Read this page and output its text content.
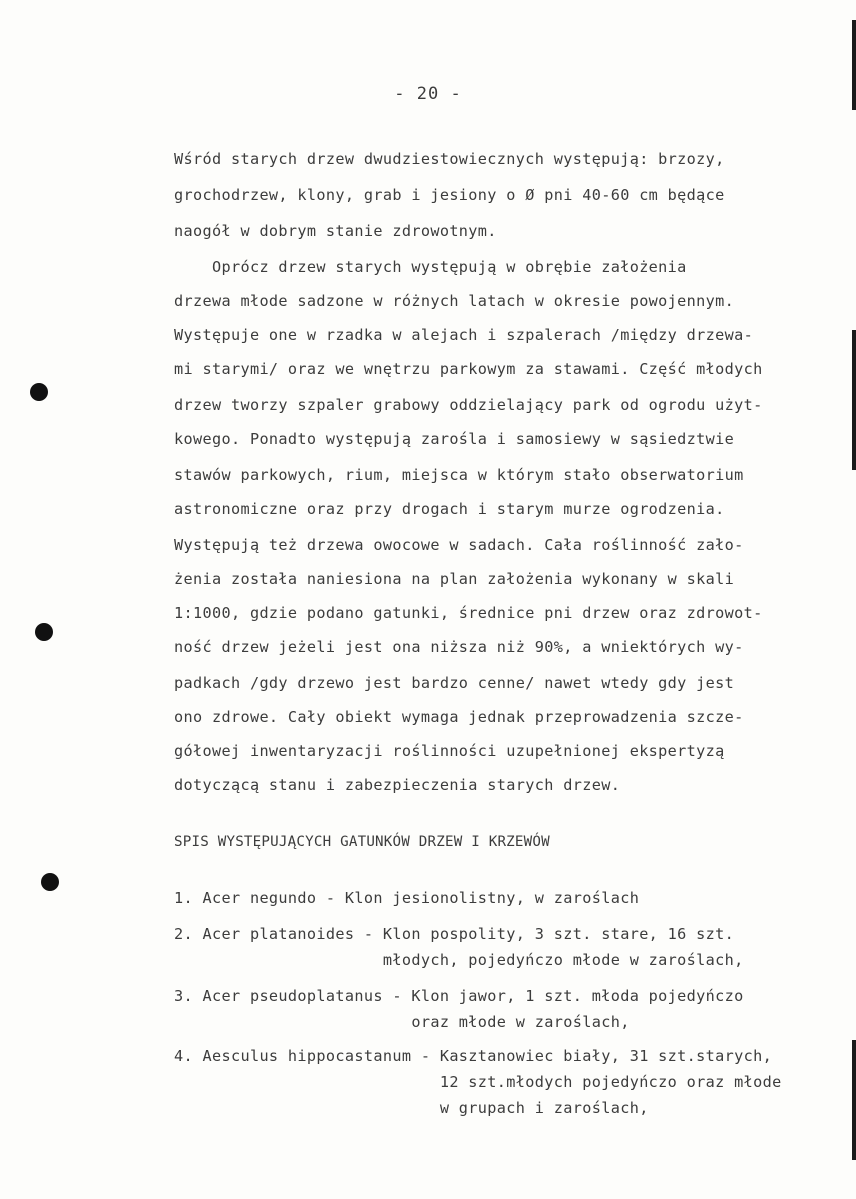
- 20 -
Wśród starych drzew dwudziestowiecznych występują: brzozy,
grochodrzew, klony, grab i jesiony o Ø pni 40-60 cm będące
naogół w dobrym stanie zdrowotnym.
Oprócz drzew starych występują w obrębie założenia
drzewa młode sadzone w różnych latach w okresie powojennym.
Występuje one w rzadka w alejach i szpalerach /między drzewa-
mi starymi/ oraz we wnętrzu parkowym za stawami. Część młodych
drzew tworzy szpaler grabowy oddzielający park od ogrodu użyt-
kowego. Ponadto występują zarośla i samosiewy w sąsiedztwie
stawów parkowych, rium, miejsca w którym stało obserwatorium
astronomiczne oraz przy drogach i starym murze ogrodzenia.
Występują też drzewa owocowe w sadach. Cała roślinność zało-
żenia została naniesiona na plan założenia wykonany w skali
1:1000, gdzie podano gatunki, średnice pni drzew oraz zdrowot-
ność drzew jeżeli jest ona niższa niż 90%, a wniektórych wy-
padkach /gdy drzewo jest bardzo cenne/ nawet wtedy gdy jest
ono zdrowe. Cały obiekt wymaga jednak przeprowadzenia szcze-
gółowej inwentaryzacji roślinności uzupełnionej ekspertyzą
dotyczącą stanu i zabezpieczenia starych drzew.
SPIS WYSTĘPUJĄCYCH GATUNKÓW DRZEW I KRZEWÓW
1. Acer negundo - Klon jesionolistny, w zaroślach
2. Acer platanoides - Klon pospolity, 3 szt. stare, 16 szt.
młodych, pojedyńczo młode w zaroślach,
3. Acer pseudoplatanus - Klon jawor, 1 szt. młoda pojedyńczo
oraz młode w zaroślach,
4. Aesculus hippocastanum - Kasztanowiec biały, 31 szt.starych,
12 szt.młodych pojedyńczo oraz młode
w grupach i zaroślach,
